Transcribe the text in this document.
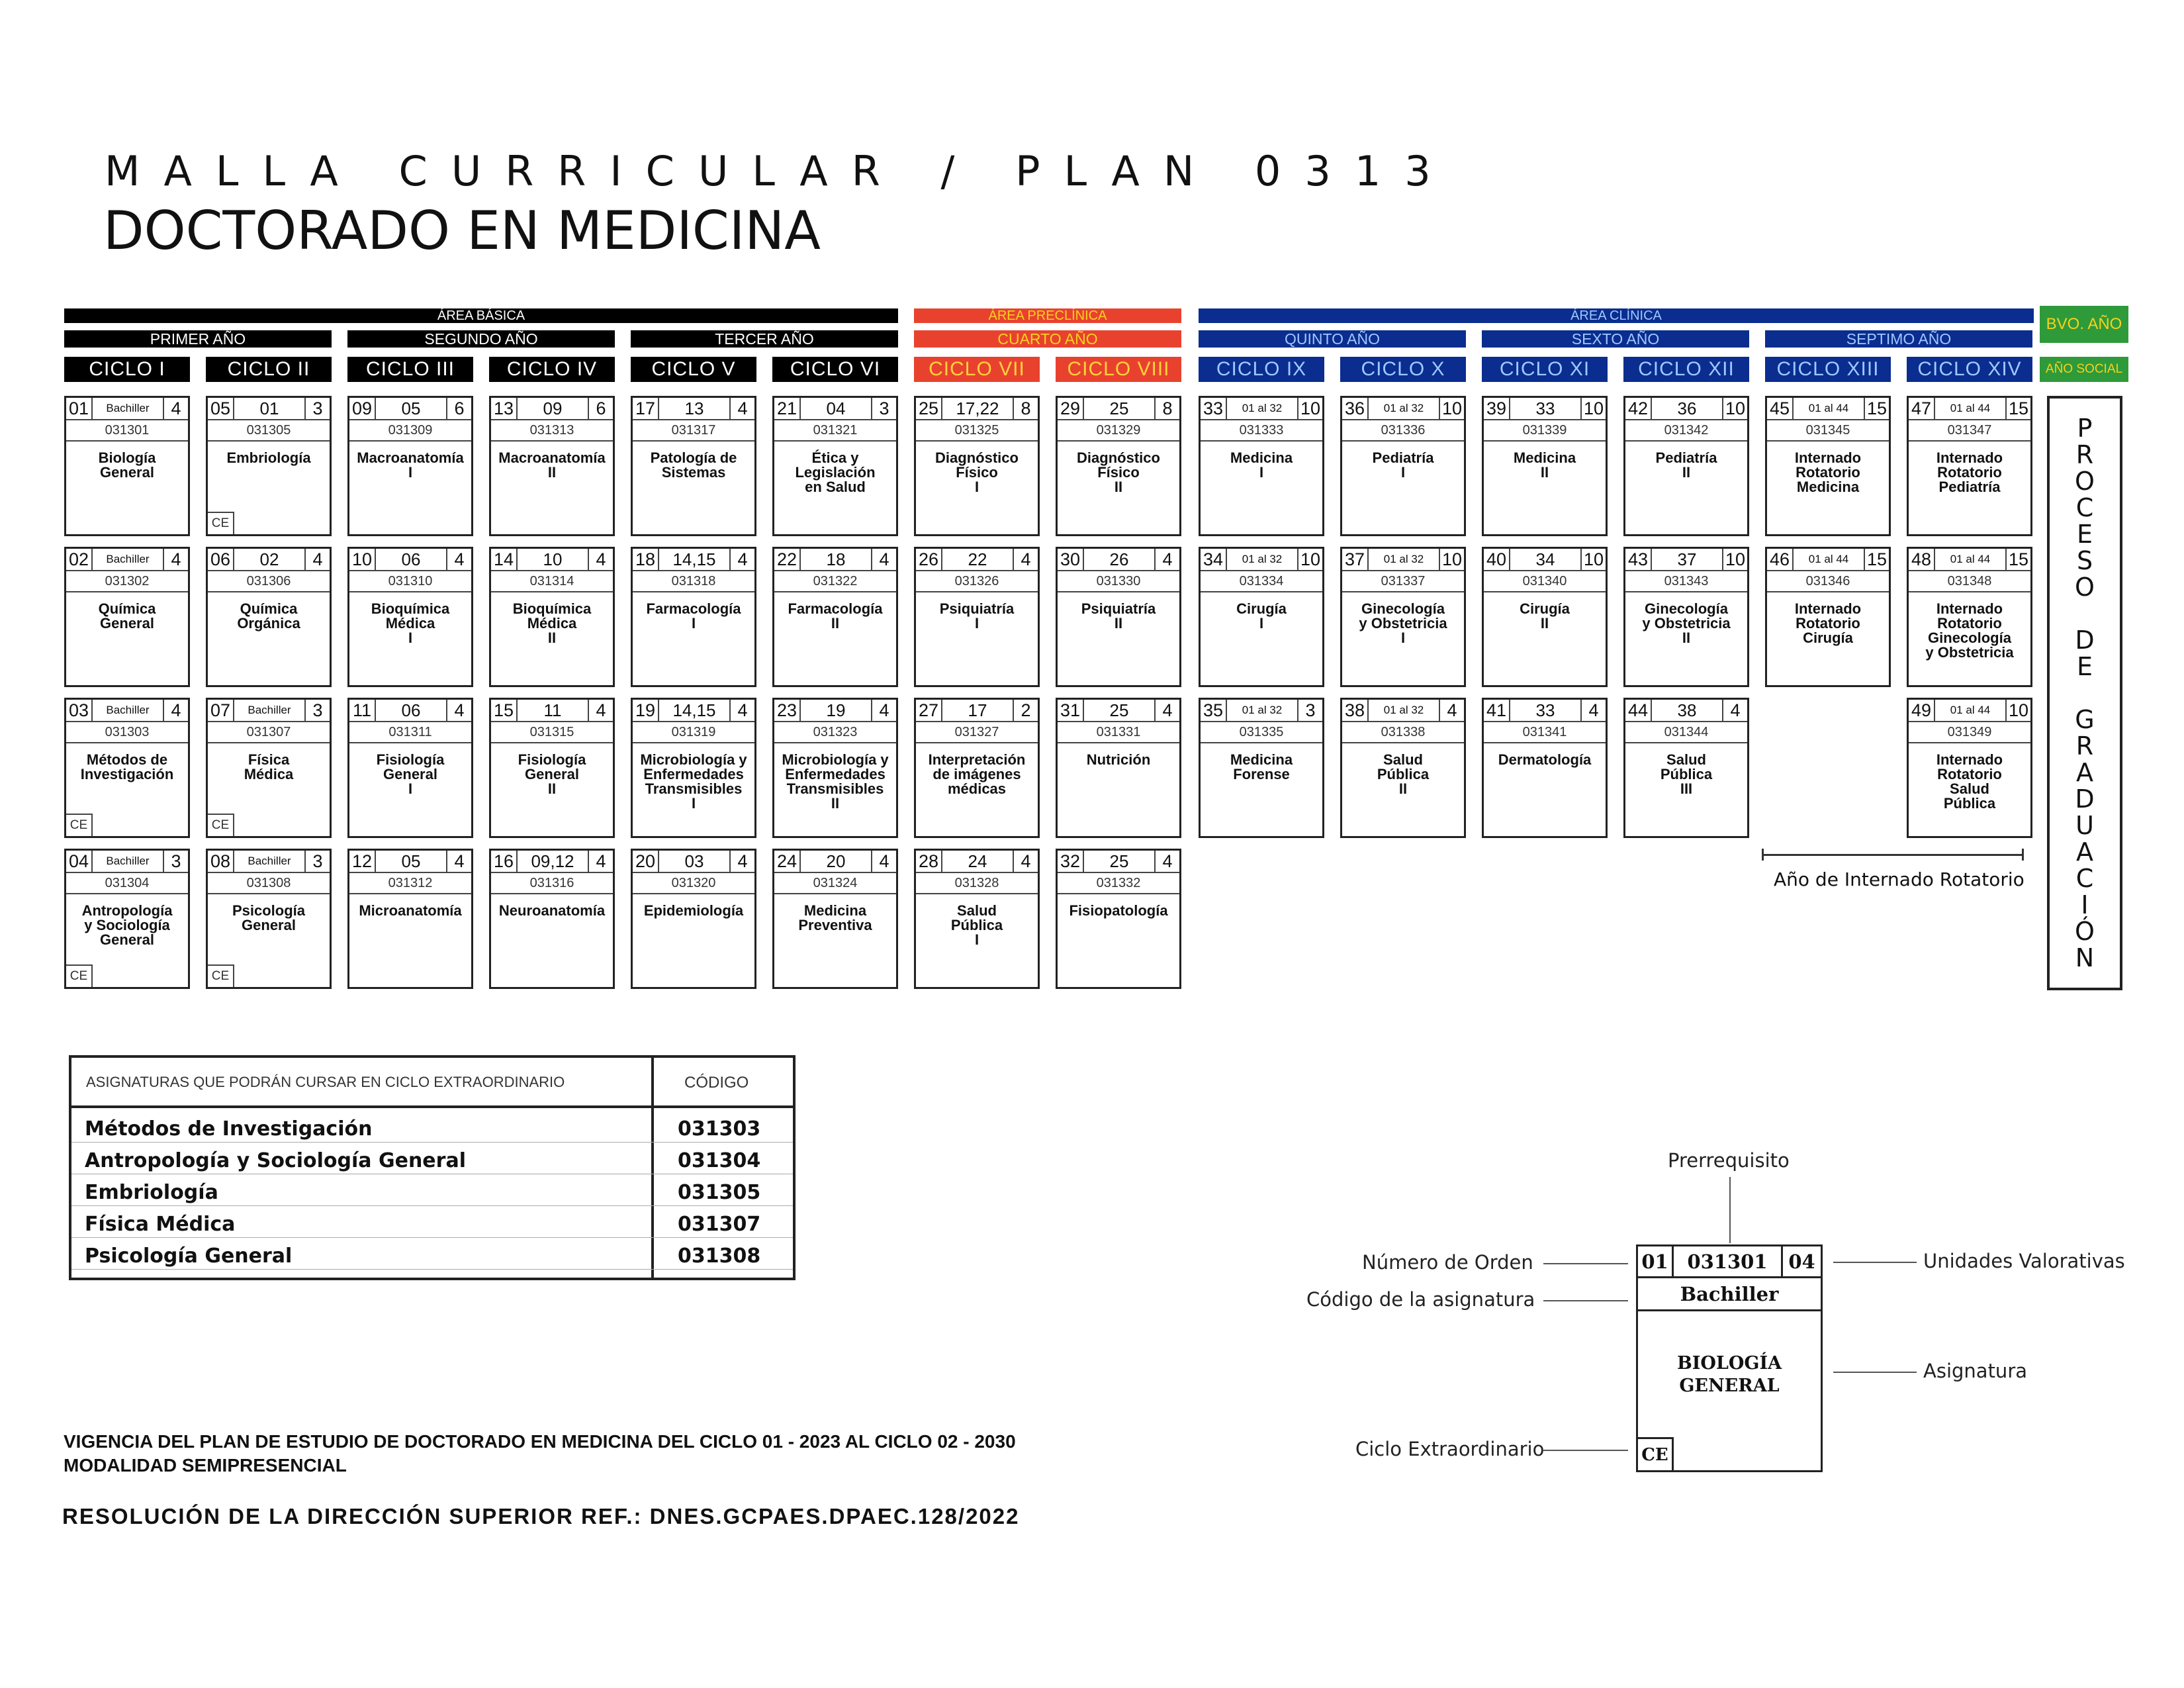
MALLA CURRICULAR / PLAN 0313
DOCTORADO EN MEDICINA
ÁREA BÁSICA	ÁREA PRECLÍNICA	ÁREA CLÍNICA	BVO. AÑO
PRIMER AÑO	SEGUNDO AÑO	TERCER AÑO	CUARTO AÑO	QUINTO AÑO	SEXTO AÑO	SEPTIMO AÑO
AÑO SOCIAL
CICLO I	CICLO II	CICLO III	CICLO IV	CICLO V	CICLO VI	CICLO VII	CICLO VIII	CICLO IX	CICLO X	CICLO XI	CICLO XII	CICLO XIII	CICLO XIV
01	Bachiller	4
031301
Biología
General
02	Bachiller	4
031302
Química
General
03	Bachiller	4
031303
Métodos de
Investigación
CE
04	Bachiller	3
031304
Antropología
y Sociología
General
CE
05	01	3
031305
Embriología
CE
06	02	4
031306
Química
Orgánica
07	Bachiller	3
031307
Física
Médica
CE
08	Bachiller	3
031308
Psicología
General
CE
09	05	6
031309
Macroanatomía
I
10	06	4
031310
Bioquímica
Médica
I
11	06	4
031311
Fisiología
General
I
12	05	4
031312
Microanatomía
13	09	6
031313
Macroanatomía
II
14	10	4
031314
Bioquímica
Médica
II
15	11	4
031315
Fisiología
General
II
16	09,12	4
031316
Neuroanatomía
17	13	4
031317
Patología de
Sistemas
18	14,15	4
031318
Farmacología
I
19	14,15	4
031319
Microbiología y
Enfermedades
Transmisibles
I
20	03	4
031320
Epidemiología
21	04	3
031321
Ética y
Legislación
en Salud
22	18	4
031322
Farmacología
II
23	19	4
031323
Microbiología y
Enfermedades
Transmisibles
II
24	20	4
031324
Medicina
Preventiva
25	17,22	8
031325
Diagnóstico
Físico
I
26	22	4
031326
Psiquiatría
I
27	17	2
031327
Interpretación
de imágenes
médicas
28	24	4
031328
Salud
Pública
I
29	25	8
031329
Diagnóstico
Físico
II
30	26	4
031330
Psiquiatría
II
31	25	4
031331
Nutrición
32	25	4
031332
Fisiopatología
33	01 al 32	10
031333
Medicina
I
34	01 al 32	10
031334
Cirugía
I
35	01 al 32	3
031335
Medicina
Forense
36	01 al 32	10
031336
Pediatría
I
37	01 al 32	10
031337
Ginecología
y Obstetricia
I
38	01 al 32	4
031338
Salud
Pública
II
39	33	10
031339
Medicina
II
40	34	10
031340
Cirugía
II
41	33	4
031341
Dermatología
42	36	10
031342
Pediatría
II
43	37	10
031343
Ginecología
y Obstetricia
II
44	38	4
031344
Salud
Pública
III
45	01 al 44	15
031345
Internado
Rotatorio
Medicina
46	01 al 44	15
031346
Internado
Rotatorio
Cirugía
47	01 al 44	15
031347
Internado
Rotatorio
Pediatría
48	01 al 44	15
031348
Internado
Rotatorio
Ginecología
y Obstetricia
49	01 al 44	10
031349
Internado
Rotatorio
Salud
Pública
P
R
O
C
E
S
O
D
E
G
R
A
D
U
A
C
I
Ó
N
Año de Internado Rotatorio
ASIGNATURAS QUE PODRÁN CURSAR EN CICLO EXTRAORDINARIO	CÓDIGO
Métodos de Investigación	031303
Antropología y Sociología General	031304
Embriología	031305
Física Médica	031307
Psicología General	031308
VIGENCIA DEL PLAN DE ESTUDIO DE DOCTORADO EN MEDICINA DEL CICLO 01 - 2023 AL CICLO 02 - 2030
MODALIDAD SEMIPRESENCIAL
RESOLUCIÓN DE LA DIRECCIÓN SUPERIOR REF.: DNES.GCPAES.DPAEC.128/2022
Prerrequisito
Número de Orden
Código de la asignatura
Unidades Valorativas
Asignatura
Ciclo Extraordinario
01 031301	04
Bachiller
BIOLOGÍA
GENERAL
CE
